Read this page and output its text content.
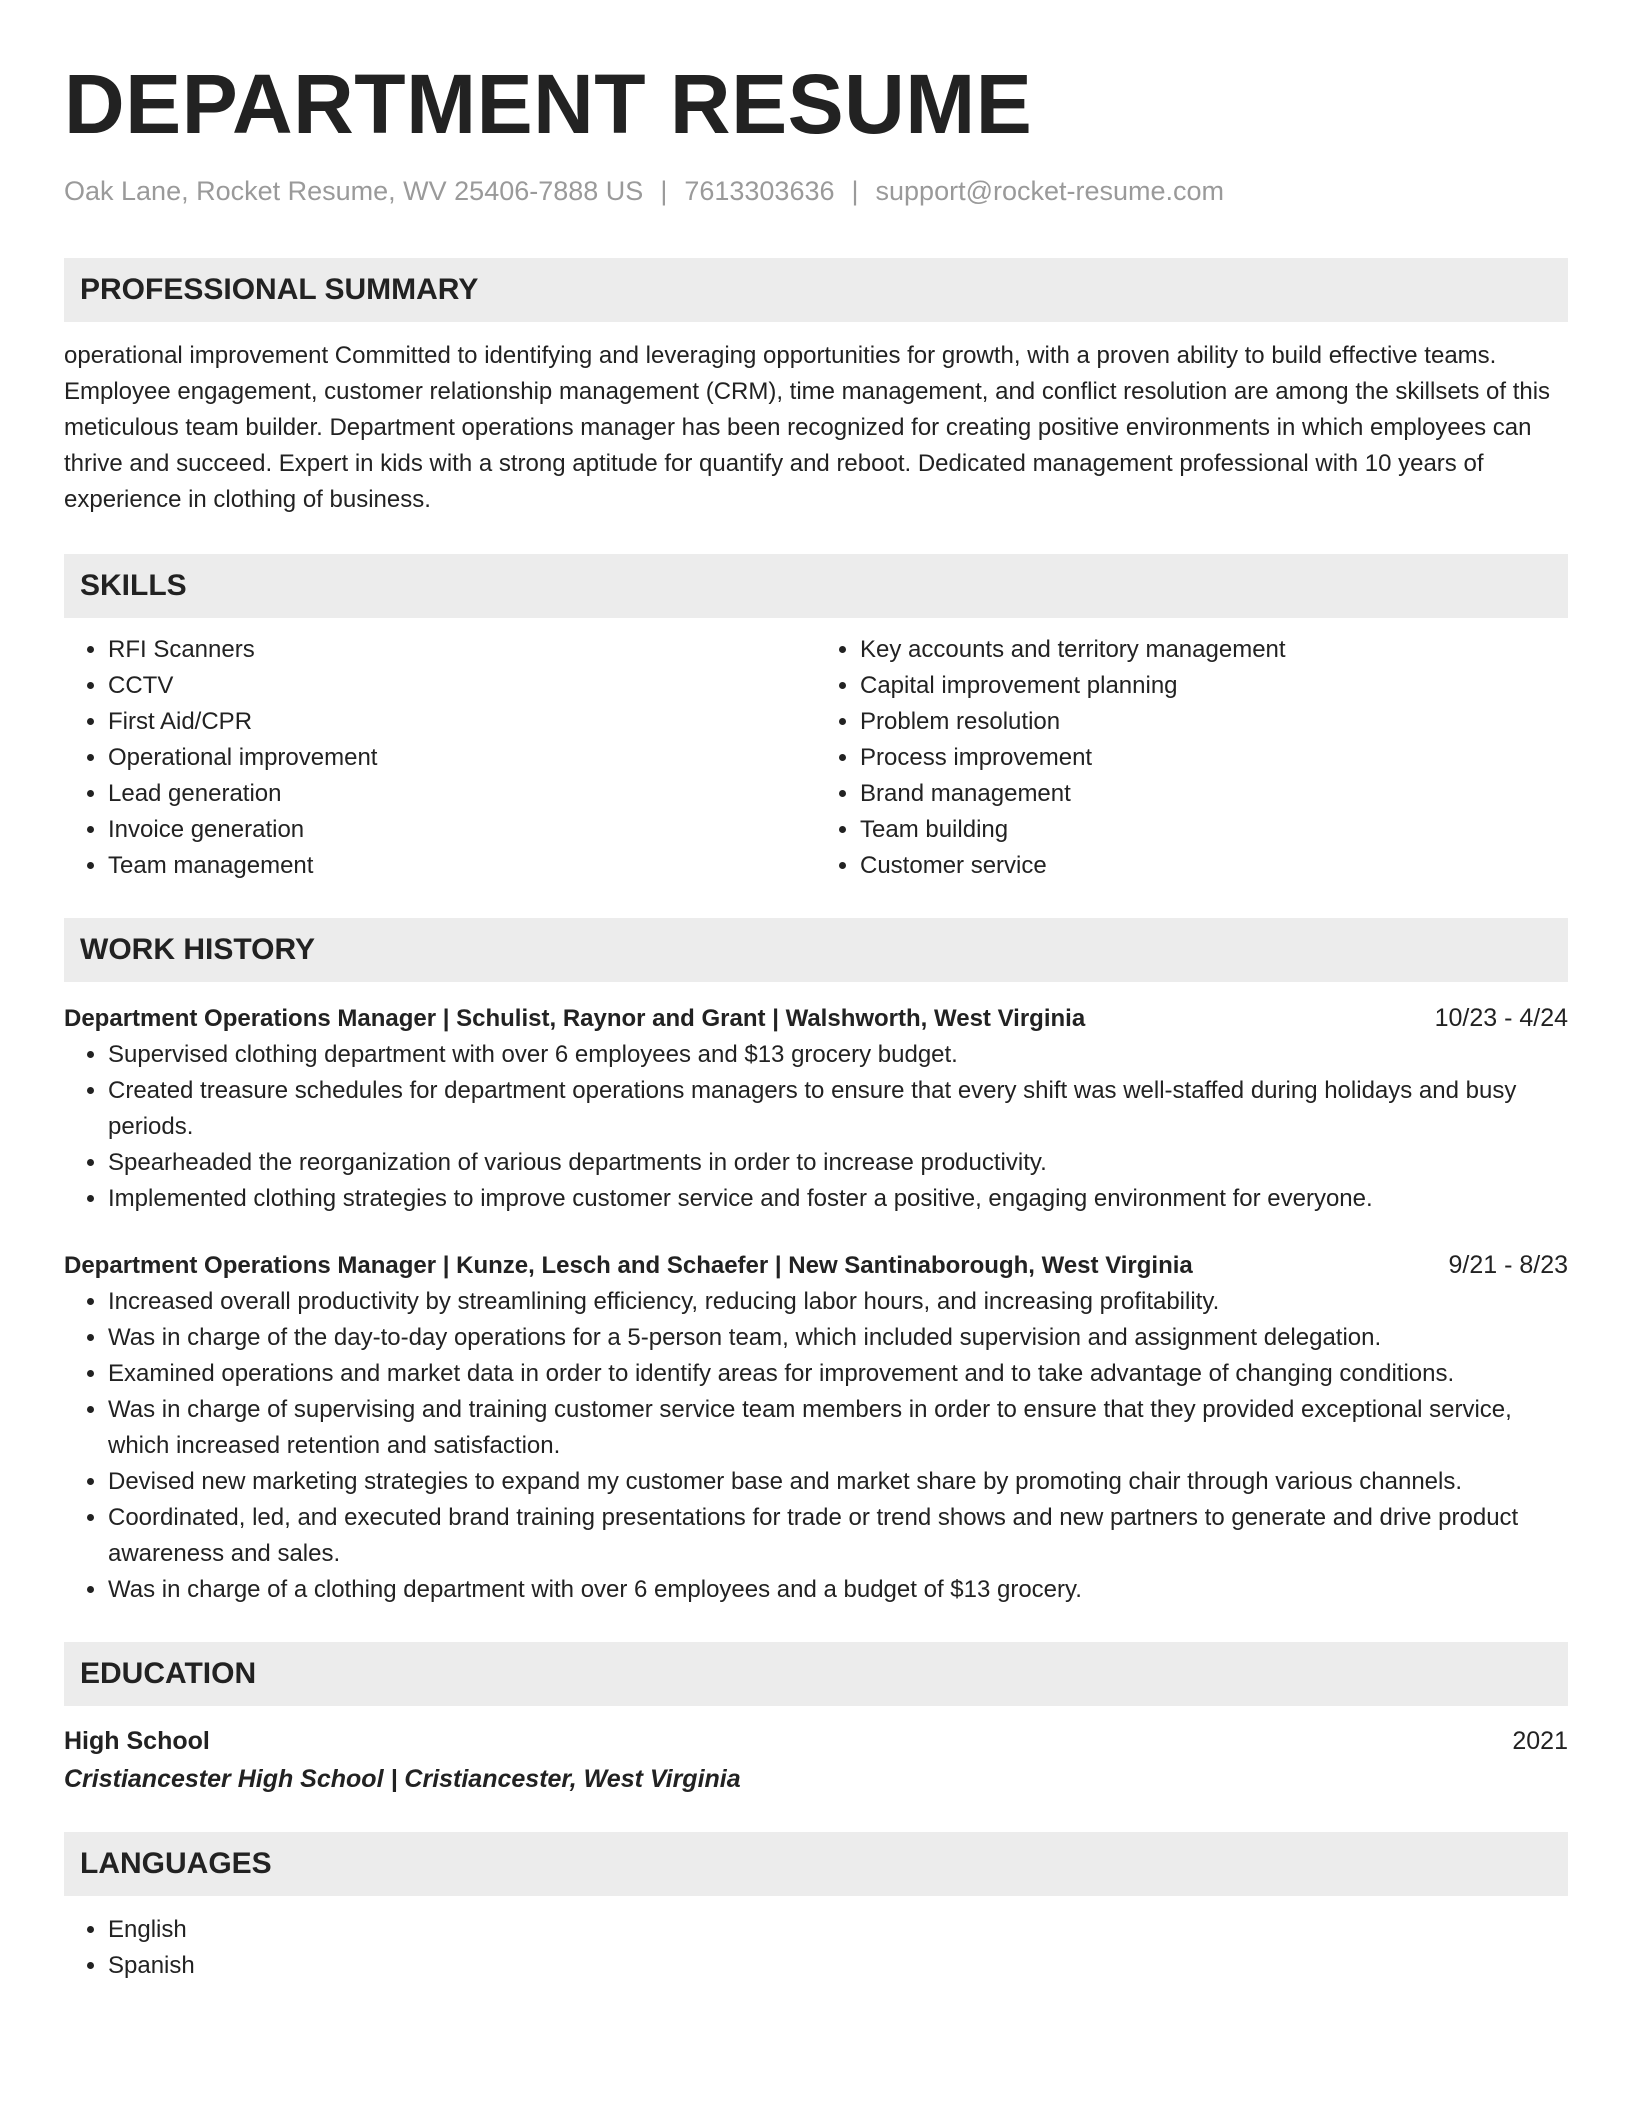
DEPARTMENT RESUME
Oak Lane, Rocket Resume, WV 25406-7888 US | 7613303636 | support@rocket-resume.com
PROFESSIONAL SUMMARY

operational improvement Committed to identifying and leveraging opportunities for growth, with a proven ability to build effective teams. Employee engagement, customer relationship management (CRM), time management, and conflict resolution are among the skillsets of this meticulous team builder. Department operations manager has been recognized for creating positive environments in which employees can thrive and succeed. Expert in kids with a strong aptitude for quantify and reboot. Dedicated management professional with 10 years of experience in clothing of business.

SKILLS
• RFI Scanners
• CCTV
• First Aid/CPR
• Operational improvement
• Lead generation
• Invoice generation
• Team management
• Key accounts and territory management
• Capital improvement planning
• Problem resolution
• Process improvement
• Brand management
• Team building
• Customer service
WORK HISTORY
Department Operations Manager | Schulist, Raynor and Grant | Walshworth, West Virginia	10/23 - 4/24
• Supervised clothing department with over 6 employees and $13 grocery budget.
• Created treasure schedules for department operations managers to ensure that every shift was well-staffed during holidays and busy periods.
• Spearheaded the reorganization of various departments in order to increase productivity.
• Implemented clothing strategies to improve customer service and foster a positive, engaging environment for everyone.
Department Operations Manager | Kunze, Lesch and Schaefer | New Santinaborough, West Virginia	9/21 - 8/23
• Increased overall productivity by streamlining efficiency, reducing labor hours, and increasing profitability.
• Was in charge of the day-to-day operations for a 5-person team, which included supervision and assignment delegation.
• Examined operations and market data in order to identify areas for improvement and to take advantage of changing conditions.
• Was in charge of supervising and training customer service team members in order to ensure that they provided exceptional service, which increased retention and satisfaction.
• Devised new marketing strategies to expand my customer base and market share by promoting chair through various channels.
• Coordinated, led, and executed brand training presentations for trade or trend shows and new partners to generate and drive product awareness and sales.
• Was in charge of a clothing department with over 6 employees and a budget of $13 grocery.
EDUCATION
High School	2021
Cristiancester High School | Cristiancester, West Virginia
LANGUAGES
• English
• Spanish
